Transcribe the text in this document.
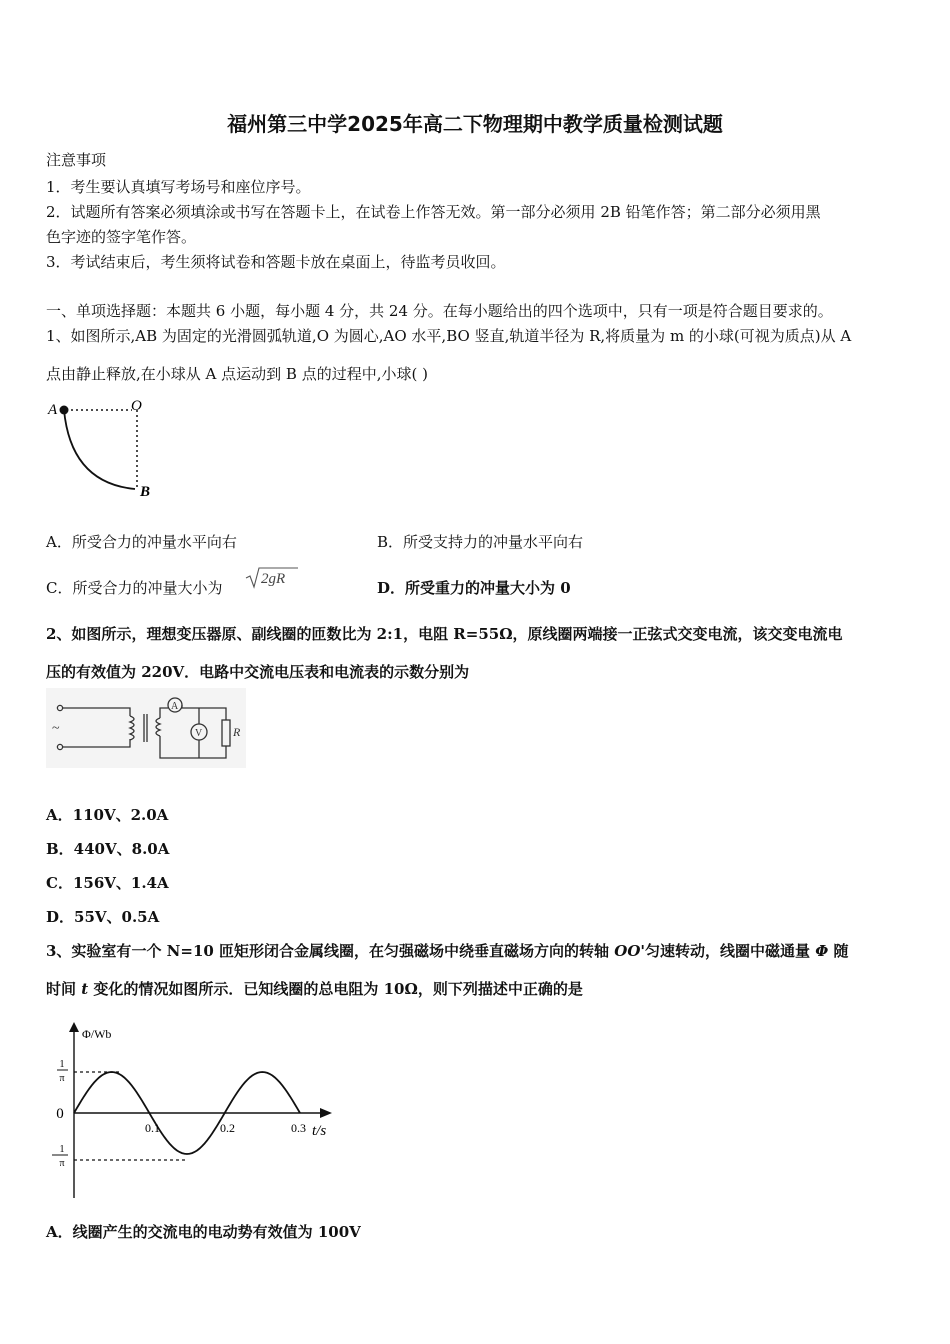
福州第三中学2025年高二下物理期中教学质量检测试题
注意事项
1．考生要认真填写考场号和座位序号。
2．试题所有答案必须填涂或书写在答题卡上，在试卷上作答无效。第一部分必须用 2B 铅笔作答；第二部分必须用黑
色字迹的签字笔作答。
3．考试结束后，考生须将试卷和答题卡放在桌面上，待监考员收回。
一、单项选择题：本题共 6 小题，每小题 4 分，共 24 分。在每小题给出的四个选项中，只有一项是符合题目要求的。
1、如图所示,AB 为固定的光滑圆弧轨道,O 为圆心,AO 水平,BO 竖直,轨道半径为 R,将质量为 m 的小球(可视为质点)从 A
点由静止释放,在小球从 A 点运动到 B 点的过程中,小球( )
A	O
B
A．所受合力的冲量水平向右	B．所受支持力的冲量水平向右
C．所受合力的冲量大小为	2gR	D．所受重力的冲量大小为 0
2、如图所示，理想变压器原、副线圈的匝数比为 2:1，电阻 R=55Ω，原线圈两端接一正弦式交变电流，该交变电流电
压的有效值为 220V．电路中交流电压表和电流表的示数分别为
~
A
V	R
A．110V、2.0A
B．440V、8.0A
C．156V、1.4A
D．55V、0.5A
3、实验室有一个 N=10 匝矩形闭合金属线圈，在匀强磁场中绕垂直磁场方向的转轴 OO'匀速转动，线圈中磁通量 Φ 随
时间 t 变化的情况如图所示．已知线圈的总电阻为 10Ω，则下列描述中正确的是
Φ/Wb
t/s
1
π
0
1
π
0.1	0.2	0.3
A．线圈产生的交流电的电动势有效值为 100V
